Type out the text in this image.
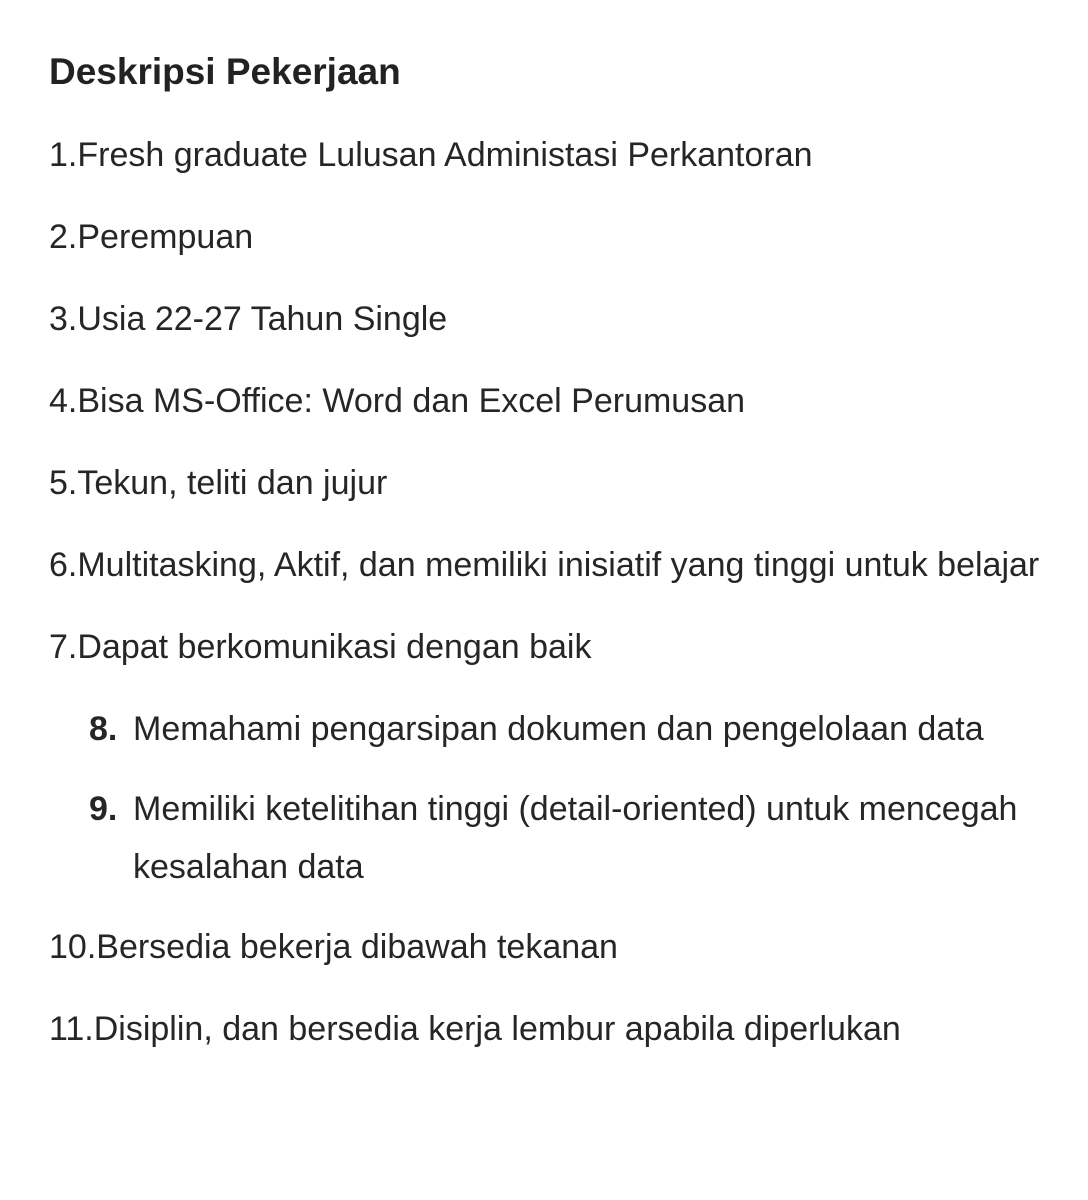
Deskripsi Pekerjaan

1.Fresh graduate Lulusan Administasi Perkantoran

2.Perempuan

3.Usia 22-27 Tahun Single

4.Bisa MS-Office: Word dan Excel Perumusan

5.Tekun, teliti dan jujur

6.Multitasking, Aktif, dan memiliki inisiatif yang tinggi untuk belajar

7.Dapat berkomunikasi dengan baik

8. Memahami pengarsipan dokumen dan pengelolaan data
9. Memiliki ketelitihan tinggi (detail-oriented) untuk mencegah kesalahan data

10.Bersedia bekerja dibawah tekanan

11.Disiplin, dan bersedia kerja lembur apabila diperlukan
